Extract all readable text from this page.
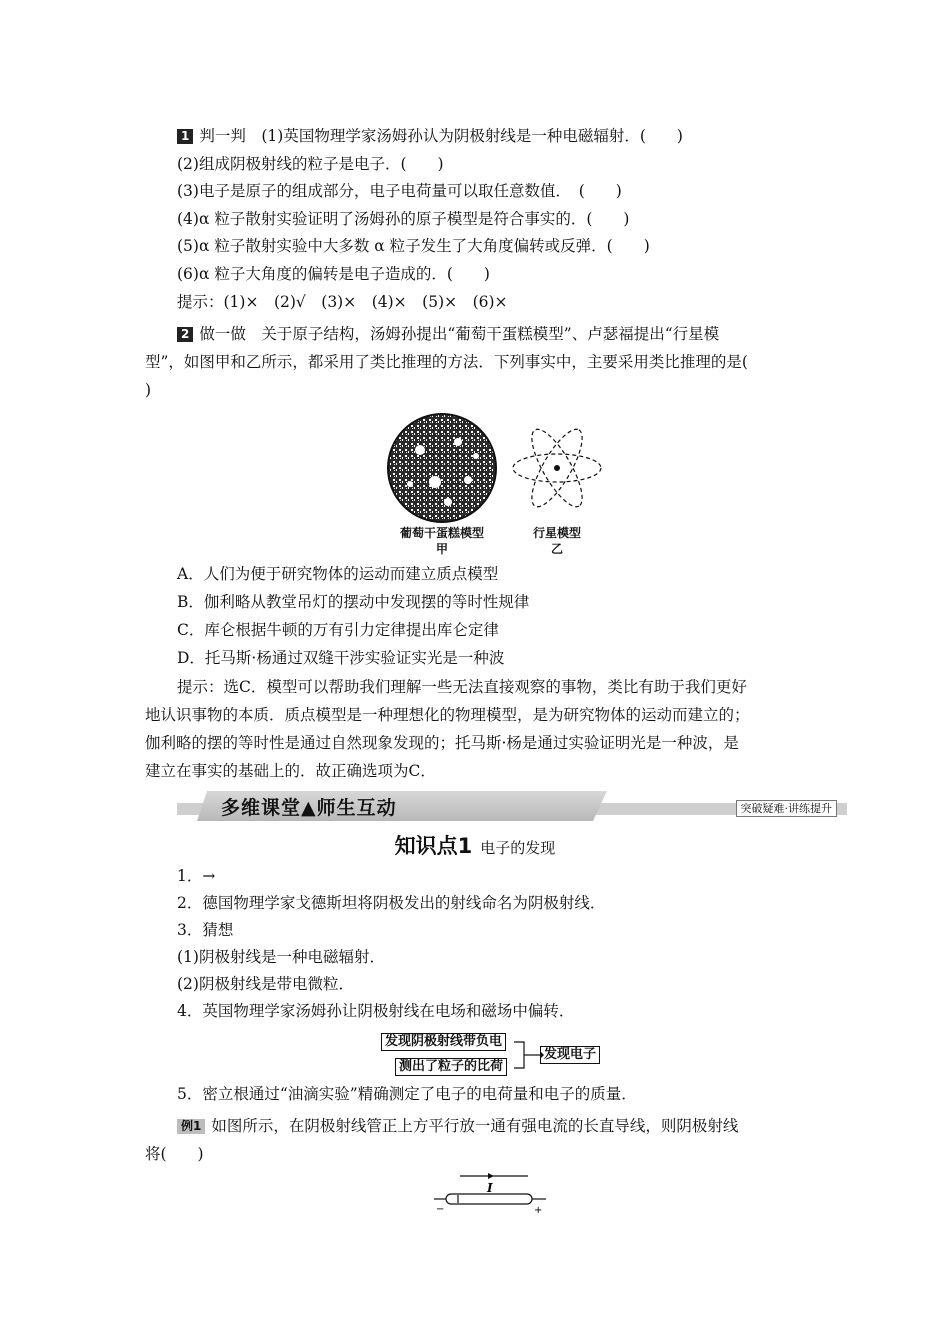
1 判一判　(1)英国物理学家汤姆孙认为阴极射线是一种电磁辐射．(　　)
(2)组成阴极射线的粒子是电子．(　　)
(3)电子是原子的组成部分，电子电荷量可以取任意数值．　(　　)
(4)α 粒子散射实验证明了汤姆孙的原子模型是符合事实的．(　　)
(5)α 粒子散射实验中大多数 α 粒子发生了大角度偏转或反弹．(　　)
(6)α 粒子大角度的偏转是电子造成的．(　　)
提示：(1)×　(2)√　(3)×　(4)×　(5)×　(6)×
2 做一做　关于原子结构，汤姆孙提出“葡萄干蛋糕模型”、卢瑟福提出“行星模
型”，如图甲和乙所示，都采用了类比推理的方法．下列事实中，主要采用类比推理的是(
)
葡萄干蛋糕模型
甲
行星模型
乙
A．人们为便于研究物体的运动而建立质点模型
B．伽利略从教堂吊灯的摆动中发现摆的等时性规律
C．库仑根据牛顿的万有引力定律提出库仑定律
D．托马斯·杨通过双缝干涉实验证实光是一种波
提示：选C．模型可以帮助我们理解一些无法直接观察的事物，类比有助于我们更好
地认识事物的本质．质点模型是一种理想化的物理模型，是为研究物体的运动而建立的；
伽利略的摆的等时性是通过自然现象发现的；托马斯·杨是通过实验证明光是一种波，是
建立在事实的基础上的．故正确选项为C．
多维课堂▲师生互动	突破疑难·讲练提升
知识点1 电子的发现
1．→
2．德国物理学家戈德斯坦将阴极发出的射线命名为阴极射线．
3．猜想
(1)阴极射线是一种电磁辐射．
(2)阴极射线是带电微粒．
4．英国物理学家汤姆孙让阴极射线在电场和磁场中偏转．
发现阴极射线带负电
测出了粒子的比荷
发现电子
5．密立根通过“油滴实验”精确测定了电子的电荷量和电子的质量．
例1 如图所示，在阴极射线管正上方平行放一通有强电流的长直导线，则阴极射线
将(　　)
I
−	+
